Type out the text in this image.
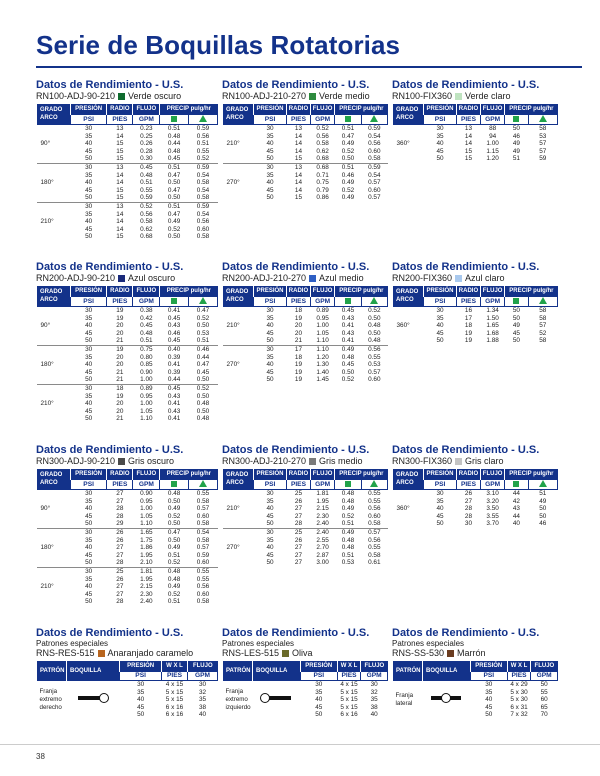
Serie de Boquillas Rotatorias
Datos de Rendimiento - U.S.
RN100-ADJ-90-210 Verde oscuro
GRADO
ARCO	PRESIÓN	RADIO	FLUJO	PRECIP pulg/hr	
	PSI	PIES	GPM		
90°	30	13	0.23	0.51	0.59
	35	14	0.25	0.48	0.56
	40	15	0.26	0.44	0.51
	45	15	0.28	0.48	0.55
	50	15	0.30	0.45	0.52
180°	30	13	0.45	0.51	0.59
	35	14	0.48	0.47	0.54
	40	14	0.51	0.50	0.58
	45	15	0.55	0.47	0.54
	50	15	0.59	0.50	0.58
210°	30	13	0.52	0.51	0.59
	35	14	0.56	0.47	0.54
	40	14	0.58	0.49	0.56
	45	14	0.62	0.52	0.60
	50	15	0.68	0.50	0.58
Datos de Rendimiento - U.S.
RN100-ADJ-210-270 Verde medio
GRADO
ARCO	PRESIÓN	RADIO	FLUJO	PRECIP pulg/hr	
	PSI	PIES	GPM		
210°	30	13	0.52	0.51	0.59
	35	14	0.56	0.47	0.54
	40	14	0.58	0.49	0.56
	45	14	0.62	0.52	0.60
	50	15	0.68	0.50	0.58
270°	30	13	0.68	0.51	0.59
	35	14	0.71	0.46	0.54
	40	14	0.75	0.49	0.57
	45	14	0.79	0.52	0.60
	50	15	0.86	0.49	0.57
Datos de Rendimiento - U.S.
RN100-FIX360 Verde claro
GRADO
ARCO	PRESIÓN	RADIO	FLUJO	PRECIP pulg/hr	
	PSI	PIES	GPM		
360°	30	13	88	50	58
	35	14	94	46	53
	40	14	1.00	49	57
	45	15	1.15	49	57
	50	15	1.20	51	59
Datos de Rendimiento - U.S.
RN200-ADJ-90-210 Azul oscuro
GRADO
ARCO	PRESIÓN	RADIO	FLUJO	PRECIP pulg/hr	
	PSI	PIES	GPM		
90°	30	19	0.38	0.41	0.47
	35	19	0.42	0.45	0.52
	40	20	0.45	0.43	0.50
	45	20	0.48	0.46	0.53
	50	21	0.51	0.45	0.51
180°	30	19	0.75	0.40	0.46
	35	20	0.80	0.39	0.44
	40	20	0.85	0.41	0.47
	45	21	0.90	0.39	0.45
	50	21	1.00	0.44	0.50
210°	30	18	0.89	0.45	0.52
	35	19	0.95	0.43	0.50
	40	20	1.00	0.41	0.48
	45	20	1.05	0.43	0.50
	50	21	1.10	0.41	0.48
Datos de Rendimiento - U.S.
RN200-ADJ-210-270 Azul medio
GRADO
ARCO	PRESIÓN	RADIO	FLUJO	PRECIP pulg/hr	
	PSI	PIES	GPM		
210°	30	18	0.89	0.45	0.52
	35	19	0.95	0.43	0.50
	40	20	1.00	0.41	0.48
	45	20	1.05	0.43	0.50
	50	21	1.10	0.41	0.48
270°	30	17	1.10	0.49	0.56
	35	18	1.20	0.48	0.55
	40	19	1.30	0.45	0.53
	45	19	1.40	0.50	0.57
	50	19	1.45	0.52	0.60
Datos de Rendimiento - U.S.
RN200-FIX360 Azul claro
GRADO
ARCO	PRESIÓN	RADIO	FLUJO	PRECIP pulg/hr	
	PSI	PIES	GPM		
360°	30	16	1.34	50	58
	35	17	1.50	50	58
	40	18	1.65	49	57
	45	19	1.68	45	52
	50	19	1.88	50	58
Datos de Rendimiento - U.S.
RN300-ADJ-90-210 Gris oscuro
GRADO
ARCO	PRESIÓN	RADIO	FLUJO	PRECIP pulg/hr	
	PSI	PIES	GPM		
90°	30	27	0.90	0.48	0.55
	35	27	0.95	0.50	0.58
	40	28	1.00	0.49	0.57
	45	28	1.05	0.52	0.60
	50	29	1.10	0.50	0.58
180°	30	26	1.65	0.47	0.54
	35	26	1.75	0.50	0.58
	40	27	1.86	0.49	0.57
	45	27	1.95	0.51	0.59
	50	28	2.10	0.52	0.60
210°	30	25	1.81	0.48	0.55
	35	26	1.95	0.48	0.55
	40	27	2.15	0.49	0.56
	45	27	2.30	0.52	0.60
	50	28	2.40	0.51	0.58
Datos de Rendimiento - U.S.
RN300-ADJ-210-270 Gris medio
GRADO
ARCO	PRESIÓN	RADIO	FLUJO	PRECIP pulg/hr	
	PSI	PIES	GPM		
210°	30	25	1.81	0.48	0.55
	35	26	1.95	0.48	0.55
	40	27	2.15	0.49	0.56
	45	27	2.30	0.52	0.60
	50	28	2.40	0.51	0.58
270°	30	25	2.40	0.49	0.57
	35	26	2.55	0.48	0.56
	40	27	2.70	0.48	0.55
	45	27	2.87	0.51	0.58
	50	27	3.00	0.53	0.61
Datos de Rendimiento - U.S.
RN300-FIX360 Gris claro
GRADO
ARCO	PRESIÓN	RADIO	FLUJO	PRECIP pulg/hr	
	PSI	PIES	GPM		
360°	30	26	3.10	44	51
	35	27	3.20	42	49
	40	28	3.50	43	50
	45	28	3.55	44	50
	50	30	3.70	40	46
Datos de Rendimiento - U.S.
Patrones especiales
RNS-RES-515 Anaranjado caramelo
PATRÓN	BOQUILLA	PRESIÓN	W X L	FLUJO
		PSI	PIES	GPM
Franja extremo derecho		30	4 x 15	30
		35	5 x 15	32
		40	5 x 15	35
		45	6 x 16	38
		50	6 x 16	40
Datos de Rendimiento - U.S.
Patrones especiales
RNS-LES-515 Oliva
PATRÓN	BOQUILLA	PRESIÓN	W X L	FLUJO
		PSI	PIES	GPM
Franja extremo izquierdo		30	4 x 15	30
		35	5 x 15	32
		40	5 x 15	35
		45	5 x 15	38
		50	6 x 16	40
Datos de Rendimiento - U.S.
Patrones especiales
RNS-SS-530 Marrón
PATRÓN	BOQUILLA	PRESIÓN	W X L	FLUJO
		PSI	PIES	GPM
Franja lateral		30	4 x 29	50
		35	5 x 30	55
		40	5 x 30	60
		45	6 x 31	65
		50	7 x 32	70
38
